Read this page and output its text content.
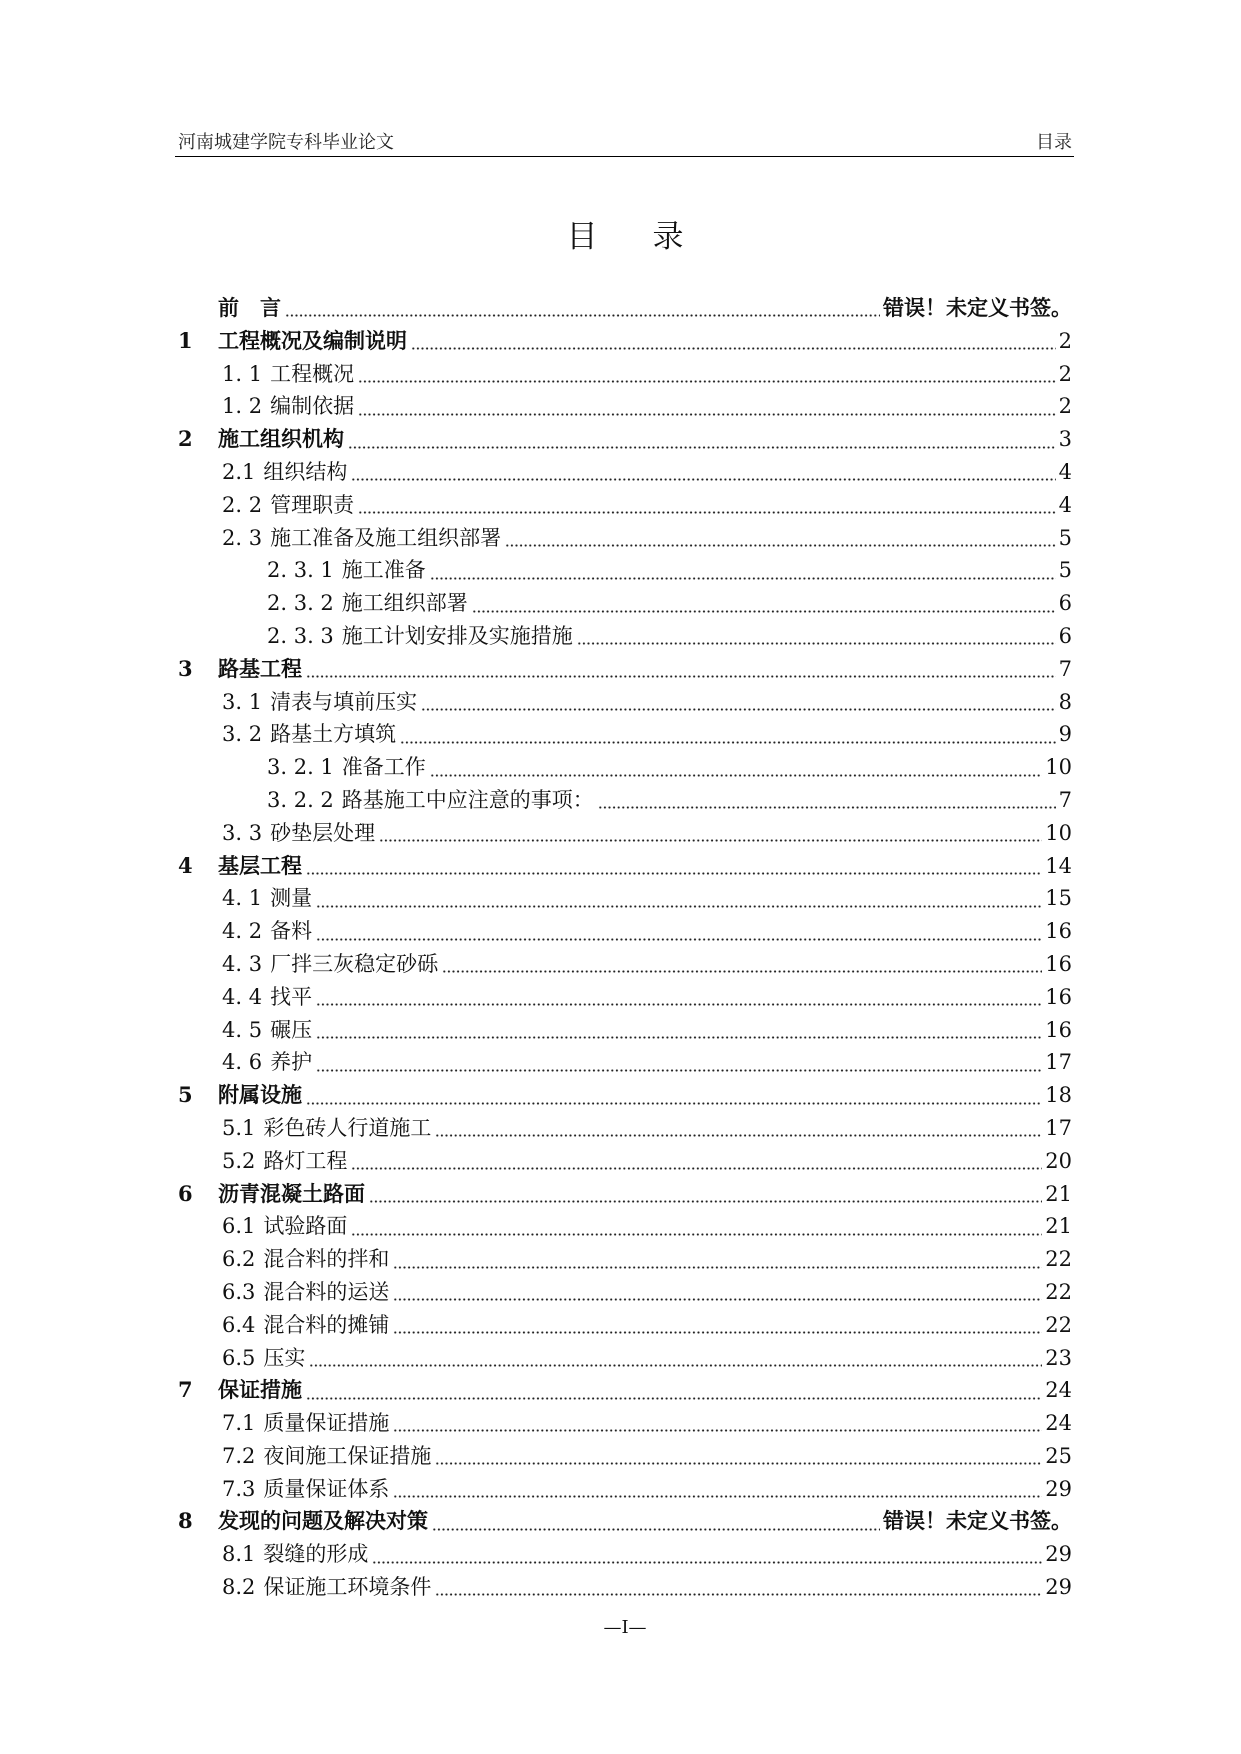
河南城建学院专科毕业论文	目录
目　录
前　言	错误！未定义书签。
1	工程概况及编制说明	2
1. 1 工程概况	2
1. 2 编制依据	2
2	施工组织机构	3
2.1 组织结构	4
2. 2 管理职责	4
2. 3 施工准备及施工组织部署	5
2. 3. 1 施工准备	5
2. 3. 2 施工组织部署	6
2. 3. 3 施工计划安排及实施措施	6
3	路基工程	7
3. 1 清表与填前压实	8
3. 2 路基土方填筑	9
3. 2. 1 准备工作	10
3. 2. 2 路基施工中应注意的事项：	7
3. 3 砂垫层处理	10
4	基层工程	14
4. 1 测量	15
4. 2 备料	16
4. 3 厂拌三灰稳定砂砾	16
4. 4 找平	16
4. 5 碾压	16
4. 6 养护	17
5	附属设施	18
5.1 彩色砖人行道施工	17
5.2 路灯工程	20
6	沥青混凝土路面	21
6.1 试验路面	21
6.2 混合料的拌和	22
6.3 混合料的运送	22
6.4 混合料的摊铺	22
6.5 压实	23
7	保证措施	24
7.1 质量保证措施	24
7.2 夜间施工保证措施	25
7.3 质量保证体系	29
8	发现的问题及解决对策	错误！未定义书签。
8.1 裂缝的形成	29
8.2 保证施工环境条件	29
—I—
